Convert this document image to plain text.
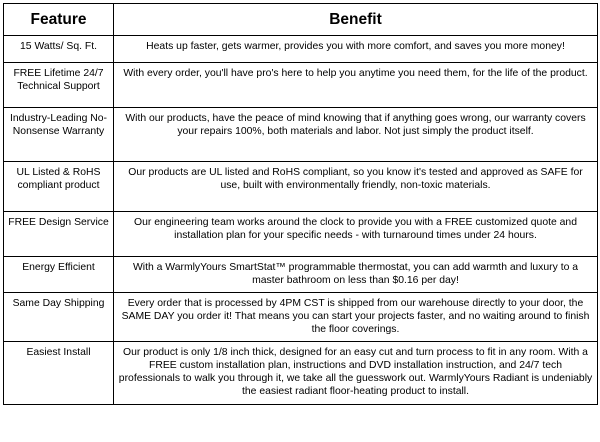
Feature	Benefit
15 Watts/ Sq. Ft.	Heats up faster, gets warmer, provides you with more comfort, and saves you more money!
FREE Lifetime 24/7 Technical Support	With every order, you'll have pro's here to help you anytime you need them, for the life of the product.
Industry-Leading No-Nonsense Warranty	With our products, have the peace of mind knowing that if anything goes wrong, our warranty covers your repairs 100%, both materials and labor. Not just simply the product itself.
UL Listed & RoHS compliant product	Our products are UL listed and RoHS compliant, so you know it's tested and approved as SAFE for use, built with environmentally friendly, non-toxic materials.
FREE Design Service	Our engineering team works around the clock to provide you with a FREE customized quote and installation plan for your specific needs - with turnaround times under 24 hours.
Energy Efficient	With a WarmlyYours SmartStat™ programmable thermostat, you can add warmth and luxury to a master bathroom on less than $0.16 per day!
Same Day Shipping	Every order that is processed by 4PM CST is shipped from our warehouse directly to your door, the SAME DAY you order it! That means you can start your projects faster, and no waiting around to finish the floor coverings.
Easiest Install	Our product is only 1/8 inch thick, designed for an easy cut and turn process to fit in any room. With a FREE custom installation plan, instructions and DVD installation instruction, and 24/7 tech professionals to walk you through it, we take all the guesswork out. WarmlyYours Radiant is undeniably the easiest radiant floor-heating product to install.
